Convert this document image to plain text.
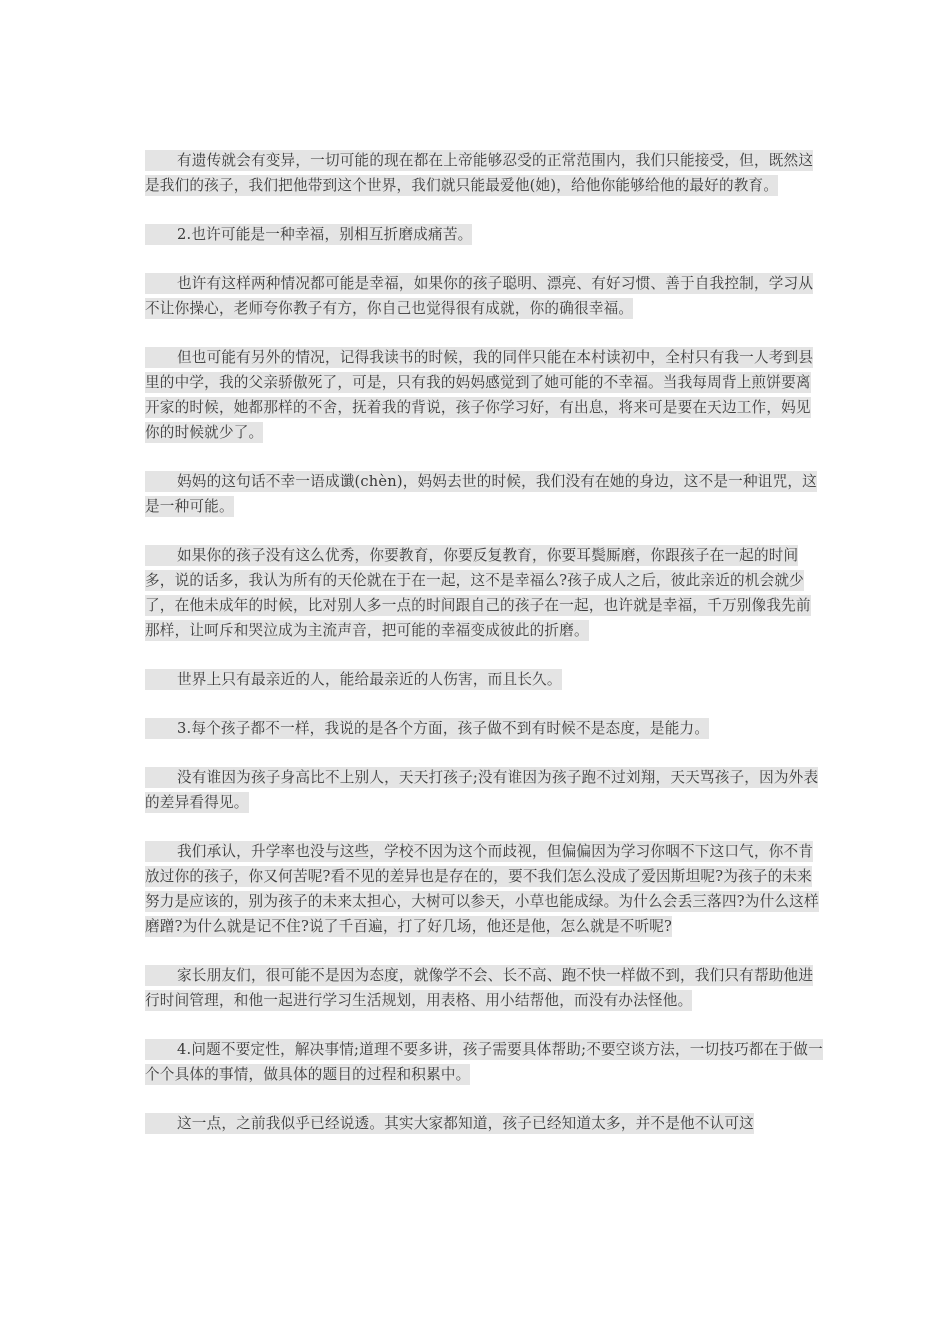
有遗传就会有变异，一切可能的现在都在上帝能够忍受的正常范围内，我们只能接受，但，既然这是我们的孩子，我们把他带到这个世界，我们就只能最爱他(她)，给他你能够给他的最好的教育。

2.也许可能是一种幸福，别相互折磨成痛苦。

也许有这样两种情况都可能是幸福，如果你的孩子聪明、漂亮、有好习惯、善于自我控制，学习从不让你操心，老师夸你教子有方，你自己也觉得很有成就，你的确很幸福。

但也可能有另外的情况，记得我读书的时候，我的同伴只能在本村读初中，全村只有我一人考到县里的中学，我的父亲骄傲死了，可是，只有我的妈妈感觉到了她可能的不幸福。当我每周背上煎饼要离开家的时候，她都那样的不舍，抚着我的背说，孩子你学习好，有出息，将来可是要在天边工作，妈见你的时候就少了。

妈妈的这句话不幸一语成谶(chèn)，妈妈去世的时候，我们没有在她的身边，这不是一种诅咒，这是一种可能。

如果你的孩子没有这么优秀，你要教育，你要反复教育，你要耳鬓厮磨，你跟孩子在一起的时间多，说的话多，我认为所有的天伦就在于在一起，这不是幸福么?孩子成人之后，彼此亲近的机会就少了，在他未成年的时候，比对别人多一点的时间跟自己的孩子在一起，也许就是幸福，千万别像我先前那样，让呵斥和哭泣成为主流声音，把可能的幸福变成彼此的折磨。

世界上只有最亲近的人，能给最亲近的人伤害，而且长久。

3.每个孩子都不一样，我说的是各个方面，孩子做不到有时候不是态度，是能力。

没有谁因为孩子身高比不上别人，天天打孩子;没有谁因为孩子跑不过刘翔，天天骂孩子，因为外表的差异看得见。

我们承认，升学率也没与这些，学校不因为这个而歧视，但偏偏因为学习你咽不下这口气，你不肯放过你的孩子，你又何苦呢?看不见的差异也是存在的，要不我们怎么没成了爱因斯坦呢?为孩子的未来努力是应该的，别为孩子的未来太担心，大树可以参天，小草也能成绿。为什么会丢三落四?为什么这样磨蹭?为什么就是记不住?说了千百遍，打了好几场，他还是他，怎么就是不听呢?

家长朋友们，很可能不是因为态度，就像学不会、长不高、跑不快一样做不到，我们只有帮助他进行时间管理，和他一起进行学习生活规划，用表格、用小结帮他，而没有办法怪他。

4.问题不要定性，解决事情;道理不要多讲，孩子需要具体帮助;不要空谈方法，一切技巧都在于做一个个具体的事情，做具体的题目的过程和积累中。

这一点，之前我似乎已经说透。其实大家都知道，孩子已经知道太多，并不是他不认可这
